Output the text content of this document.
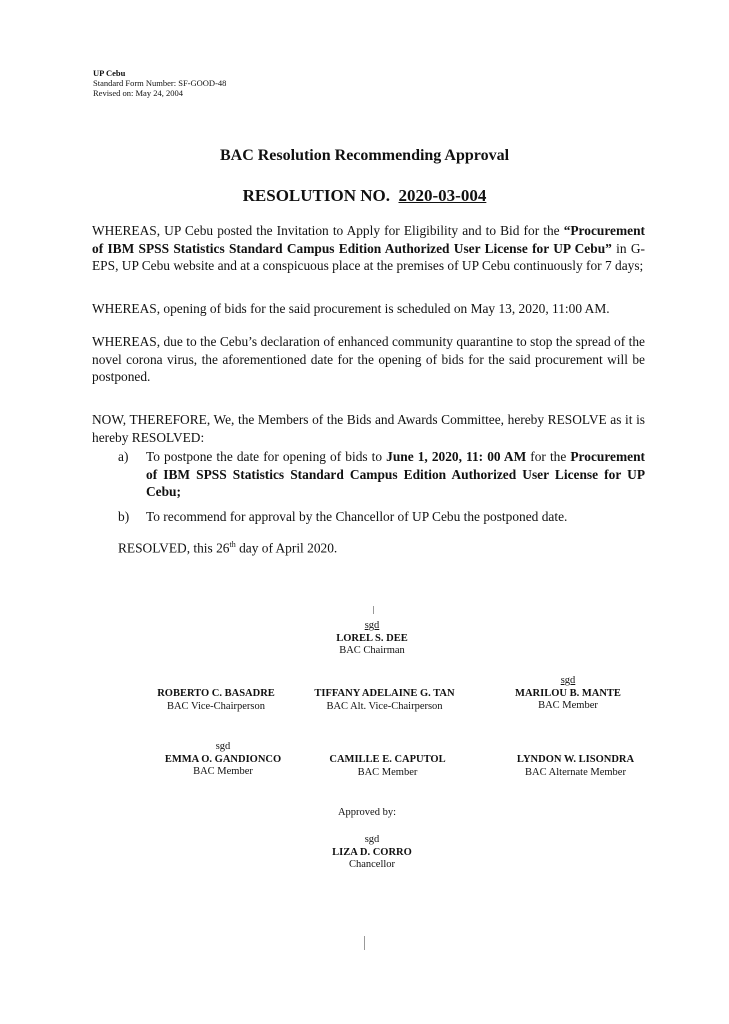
UP Cebu
Standard Form Number: SF-GOOD-48
Revised on: May 24, 2004
BAC Resolution Recommending Approval
RESOLUTION NO. 2020-03-004

WHEREAS, UP Cebu posted the Invitation to Apply for Eligibility and to Bid for the “Procurement of IBM SPSS Statistics Standard Campus Edition Authorized User License for UP Cebu” in G-EPS, UP Cebu website and at a conspicuous place at the premises of UP Cebu continuously for 7 days;

WHEREAS, opening of bids for the said procurement is scheduled on May 13, 2020, 11:00 AM.

WHEREAS, due to the Cebu’s declaration of enhanced community quarantine to stop the spread of the novel corona virus, the aforementioned date for the opening of bids for the said procurement will be postponed.

NOW, THEREFORE, We, the Members of the Bids and Awards Committee, hereby RESOLVE as it is hereby RESOLVED:

a) To postpone the date for opening of bids to June 1, 2020, 11: 00 AM for the Procurement of IBM SPSS Statistics Standard Campus Edition Authorized User License for UP Cebu;
b) To recommend for approval by the Chancellor of UP Cebu the postponed date.
RESOLVED, this 26th day of April 2020.
sgd
LOREL S. DEE
BAC Chairman
ROBERTO C. BASADRE
BAC Vice-Chairperson
TIFFANY ADELAINE G. TAN
BAC Alt. Vice-Chairperson
sgd
MARILOU B. MANTE
BAC Member
sgd
EMMA O. GANDIONCO
BAC Member
CAMILLE E. CAPUTOL
BAC Member
LYNDON W. LISONDRA
BAC Alternate Member
Approved by:
sgd
LIZA D. CORRO
Chancellor
